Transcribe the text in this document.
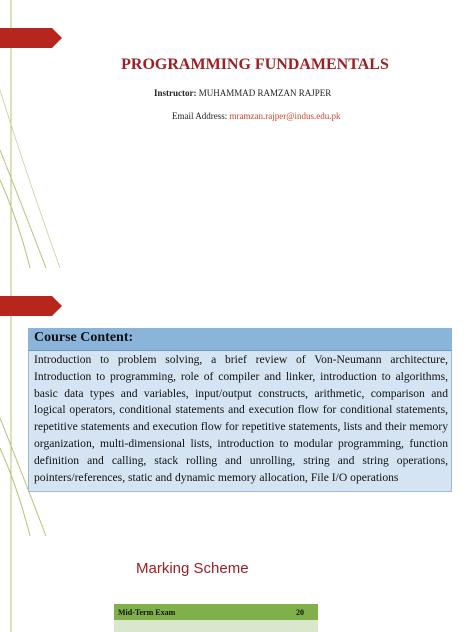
PROGRAMMING FUNDAMENTALS
Instructor: MUHAMMAD RAMZAN RAJPER
Email Address: mramzan.rajper@indus.edu.pk
Course Content:

Introduction to problem solving, a brief review of Von-Neumann architecture, Introduction to programming, role of compiler and linker, introduction to algorithms, basic data types and variables, input/output constructs, arithmetic, comparison and logical operators, conditional statements and execution flow for conditional statements, repetitive statements and execution flow for repetitive statements, lists and their memory organization, multi-dimensional lists, introduction to modular programming, function definition and calling, stack rolling and unrolling, string and string operations, pointers/references, static and dynamic memory allocation, File I/O operations

Marking Scheme
Mid-Term Exam	20
